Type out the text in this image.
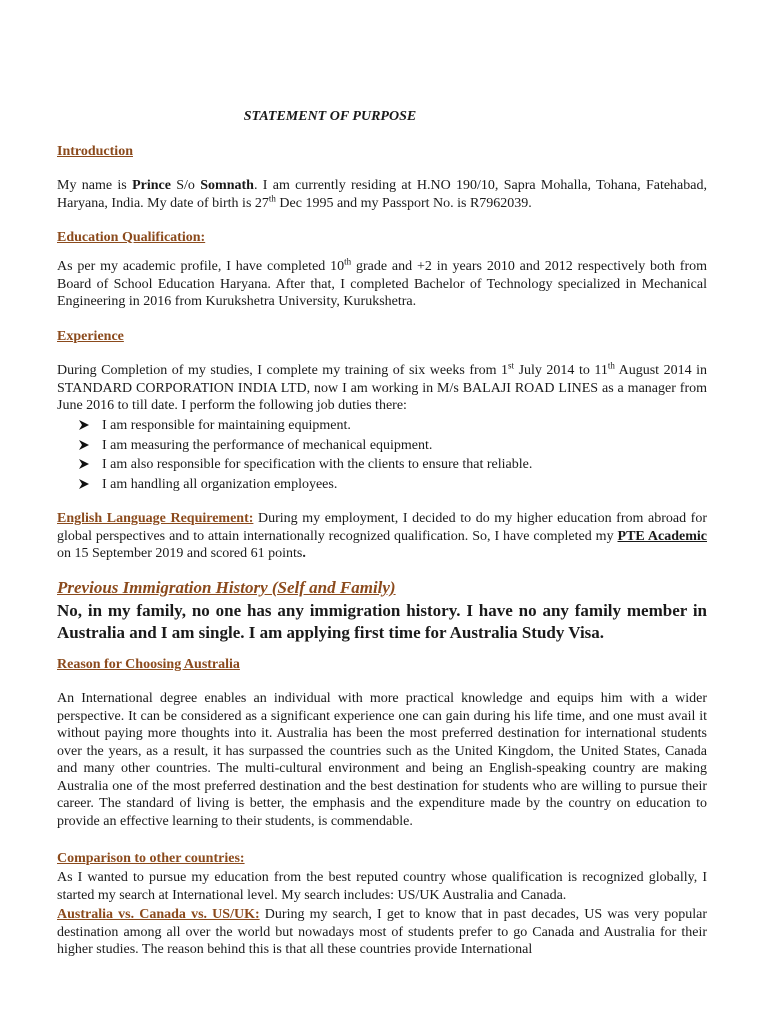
STATEMENT OF PURPOSE
Introduction
My name is Prince S/o Somnath. I am currently residing at H.NO 190/10, Sapra Mohalla, Tohana, Fatehabad, Haryana, India. My date of birth is 27th Dec 1995 and my Passport No. is R7962039.
Education Qualification:
As per my academic profile, I have completed 10th grade and +2 in years 2010 and 2012 respectively both from Board of School Education Haryana. After that, I completed Bachelor of Technology specialized in Mechanical Engineering in 2016 from Kurukshetra University, Kurukshetra.
Experience
During Completion of my studies, I complete my training of six weeks from 1st July 2014 to 11th August 2014 in STANDARD CORPORATION INDIA LTD, now I am working in M/s BALAJI ROAD LINES as a manager from June 2016 to till date. I perform the following job duties there:
I am responsible for maintaining equipment.
I am measuring the performance of mechanical equipment.
I am also responsible for specification with the clients to ensure that reliable.
I am handling all organization employees.
English Language Requirement: During my employment, I decided to do my higher education from abroad for global perspectives and to attain internationally recognized qualification. So, I have completed my PTE Academic on 15 September 2019 and scored 61 points.
Previous Immigration History (Self and Family)
No, in my family, no one has any immigration history. I have no any family member in Australia and I am single. I am applying first time for Australia Study Visa.
Reason for Choosing Australia
An International degree enables an individual with more practical knowledge and equips him with a wider perspective. It can be considered as a significant experience one can gain during his life time, and one must avail it without paying more thoughts into it. Australia has been the most preferred destination for international students over the years, as a result, it has surpassed the countries such as the United Kingdom, the United States, Canada and many other countries. The multi-cultural environment and being an English-speaking country are making Australia one of the most preferred destination and the best destination for students who are willing to pursue their career. The standard of living is better, the emphasis and the expenditure made by the country on education to provide an effective learning to their students, is commendable.
Comparison to other countries:
As I wanted to pursue my education from the best reputed country whose qualification is recognized globally, I started my search at International level. My search includes: US/UK Australia and Canada.
Australia vs. Canada vs. US/UK: During my search, I get to know that in past decades, US was very popular destination among all over the world but nowadays most of students prefer to go Canada and Australia for their higher studies. The reason behind this is that all these countries provide International
